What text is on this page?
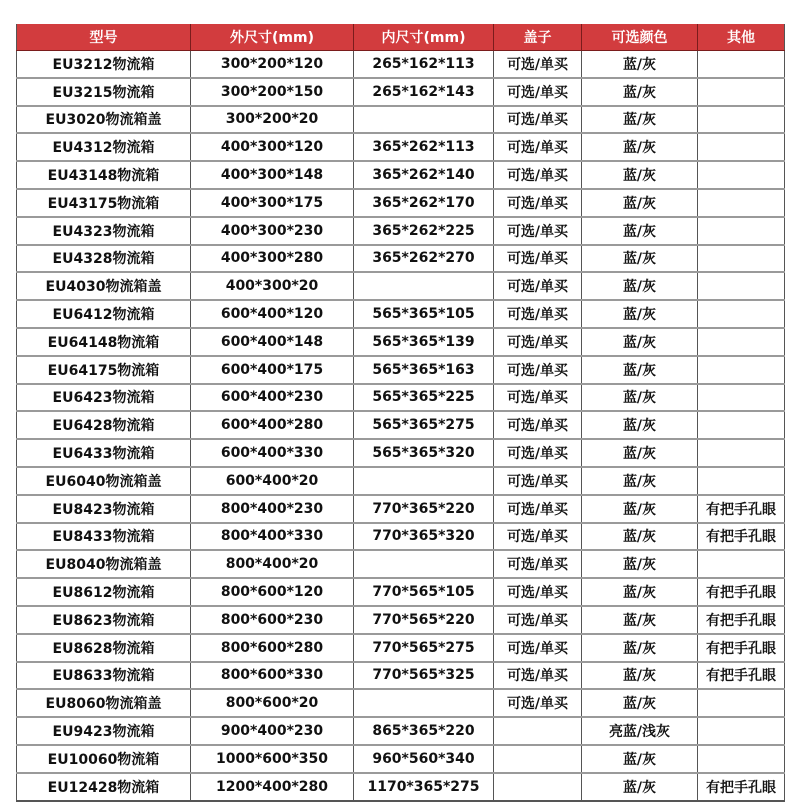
型号	外尺寸(mm)	内尺寸(mm)	盖子	可选颜色	其他
EU3212物流箱	300*200*120	265*162*113	可选/单买	蓝/灰	
EU3215物流箱	300*200*150	265*162*143	可选/单买	蓝/灰	
EU3020物流箱盖	300*200*20		可选/单买	蓝/灰	
EU4312物流箱	400*300*120	365*262*113	可选/单买	蓝/灰	
EU43148物流箱	400*300*148	365*262*140	可选/单买	蓝/灰	
EU43175物流箱	400*300*175	365*262*170	可选/单买	蓝/灰	
EU4323物流箱	400*300*230	365*262*225	可选/单买	蓝/灰	
EU4328物流箱	400*300*280	365*262*270	可选/单买	蓝/灰	
EU4030物流箱盖	400*300*20		可选/单买	蓝/灰	
EU6412物流箱	600*400*120	565*365*105	可选/单买	蓝/灰	
EU64148物流箱	600*400*148	565*365*139	可选/单买	蓝/灰	
EU64175物流箱	600*400*175	565*365*163	可选/单买	蓝/灰	
EU6423物流箱	600*400*230	565*365*225	可选/单买	蓝/灰	
EU6428物流箱	600*400*280	565*365*275	可选/单买	蓝/灰	
EU6433物流箱	600*400*330	565*365*320	可选/单买	蓝/灰	
EU6040物流箱盖	600*400*20		可选/单买	蓝/灰	
EU8423物流箱	800*400*230	770*365*220	可选/单买	蓝/灰	有把手孔眼
EU8433物流箱	800*400*330	770*365*320	可选/单买	蓝/灰	有把手孔眼
EU8040物流箱盖	800*400*20		可选/单买	蓝/灰	
EU8612物流箱	800*600*120	770*565*105	可选/单买	蓝/灰	有把手孔眼
EU8623物流箱	800*600*230	770*565*220	可选/单买	蓝/灰	有把手孔眼
EU8628物流箱	800*600*280	770*565*275	可选/单买	蓝/灰	有把手孔眼
EU8633物流箱	800*600*330	770*565*325	可选/单买	蓝/灰	有把手孔眼
EU8060物流箱盖	800*600*20		可选/单买	蓝/灰	
EU9423物流箱	900*400*230	865*365*220		亮蓝/浅灰	
EU10060物流箱	1000*600*350	960*560*340		蓝/灰	
EU12428物流箱	1200*400*280	1170*365*275		蓝/灰	有把手孔眼
